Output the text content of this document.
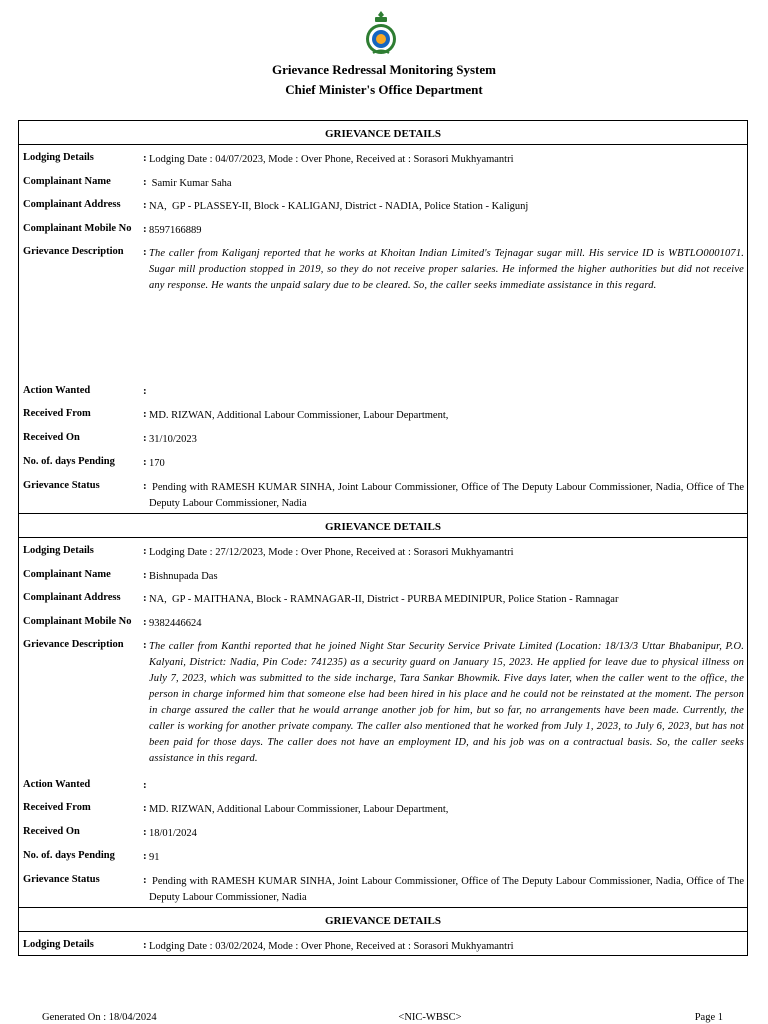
Grievance Redressal Monitoring System
Chief Minister's Office Department
GRIEVANCE DETAILS
Lodging Details	: Lodging Date : 04/07/2023, Mode : Over Phone, Received at : Sorasori Mukhyamantri
Complainant Name	: Samir Kumar Saha
Complainant Address	: NA,  GP - PLASSEY-II, Block - KALIGANJ, District - NADIA, Police Station - Kaligunj
Complainant Mobile No	: 8597166889
Grievance Description	: The caller from Kaliganj reported that he works at Khoitan Indian Limited's Tejnagar sugar mill. His service ID is WBTLO0001071. Sugar mill production stopped in 2019, so they do not receive proper salaries. He informed the higher authorities but did not receive any response. He wants the unpaid salary due to be cleared. So, the caller seeks immediate assistance in this regard.
Action Wanted	:
Received From	: MD. RIZWAN, Additional Labour Commissioner, Labour Department,
Received On	: 31/10/2023
No. of. days Pending	: 170
Grievance Status	: Pending with RAMESH KUMAR SINHA, Joint Labour Commissioner, Office of The Deputy Labour Commissioner, Nadia, Office of The Deputy Labour Commissioner, Nadia
GRIEVANCE DETAILS
Lodging Details	: Lodging Date : 27/12/2023, Mode : Over Phone, Received at : Sorasori Mukhyamantri
Complainant Name	: Bishnupada Das
Complainant Address	: NA,  GP - MAITHANA, Block - RAMNAGAR-II, District - PURBA MEDINIPUR, Police Station - Ramnagar
Complainant Mobile No	: 9382446624
Grievance Description	: The caller from Kanthi reported that he joined Night Star Security Service Private Limited (Location: 18/13/3 Uttar Bhabanipur, P.O. Kalyani, District: Nadia, Pin Code: 741235) as a security guard on January 15, 2023. He applied for leave due to physical illness on July 7, 2023, which was submitted to the side incharge, Tara Sankar Bhowmik. Five days later, when the caller went to the office, the person in charge informed him that someone else had been hired in his place and he could not be reinstated at the moment. The person in charge assured the caller that he would arrange another job for him, but so far, no arrangements have been made. Currently, the caller is working for another private company. The caller also mentioned that he worked from July 1, 2023, to July 6, 2023, but has not been paid for those days. The caller does not have an employment ID, and his job was on a contractual basis. So, the caller seeks assistance in this regard.
Action Wanted	:
Received From	: MD. RIZWAN, Additional Labour Commissioner, Labour Department,
Received On	: 18/01/2024
No. of. days Pending	: 91
Grievance Status	: Pending with RAMESH KUMAR SINHA, Joint Labour Commissioner, Office of The Deputy Labour Commissioner, Nadia, Office of The Deputy Labour Commissioner, Nadia
GRIEVANCE DETAILS
Lodging Details	: Lodging Date : 03/02/2024, Mode : Over Phone, Received at : Sorasori Mukhyamantri
Generated On : 18/04/2024	<NIC-WBSC>	Page 1
